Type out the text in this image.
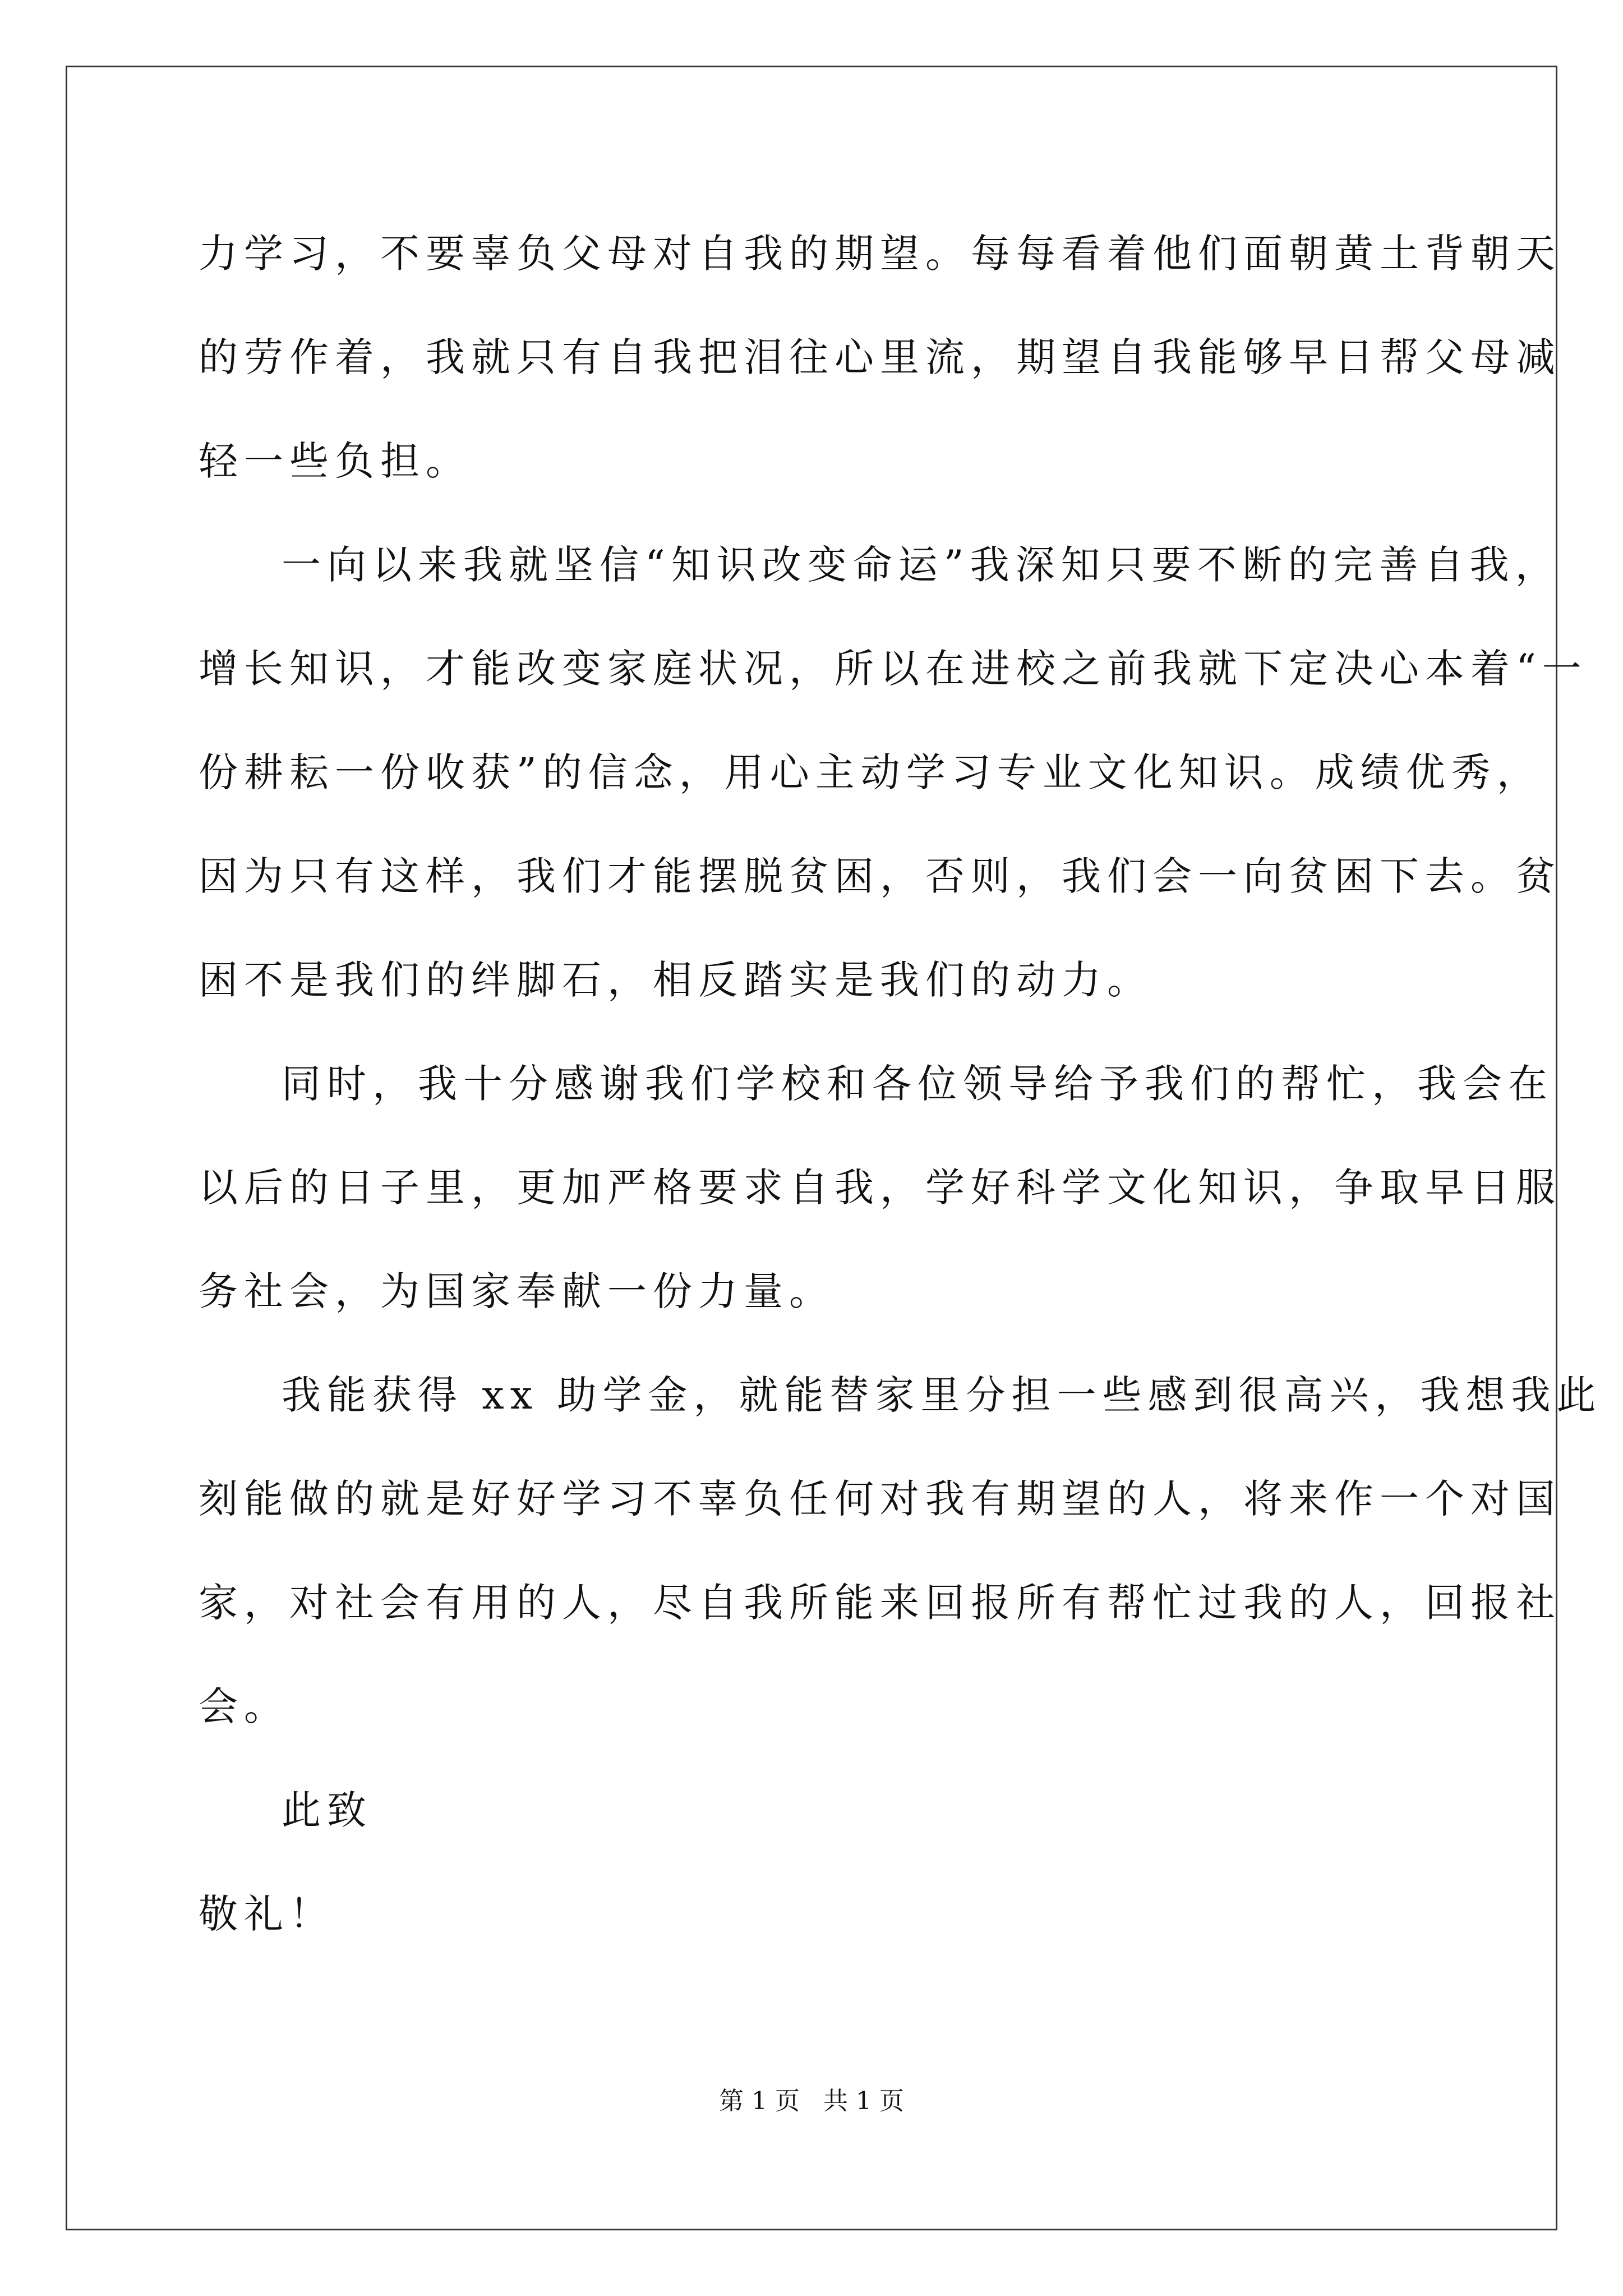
力学习，不要辜负父母对自我的期望。每每看着他们面朝黄土背朝天
的劳作着，我就只有自我把泪往心里流，期望自我能够早日帮父母减
轻一些负担。
一向以来我就坚信“知识改变命运”我深知只要不断的完善自我，
增长知识，才能改变家庭状况，所以在进校之前我就下定决心本着“一
份耕耘一份收获”的信念，用心主动学习专业文化知识。成绩优秀，
因为只有这样，我们才能摆脱贫困，否则，我们会一向贫困下去。贫
困不是我们的绊脚石，相反踏实是我们的动力。
同时，我十分感谢我们学校和各位领导给予我们的帮忙，我会在
以后的日子里，更加严格要求自我，学好科学文化知识，争取早日服
务社会，为国家奉献一份力量。
我能获得 xx 助学金，就能替家里分担一些感到很高兴，我想我此
刻能做的就是好好学习不辜负任何对我有期望的人，将来作一个对国
家，对社会有用的人，尽自我所能来回报所有帮忙过我的人，回报社
会。
此致
敬礼！
第 1 页   共 1 页
